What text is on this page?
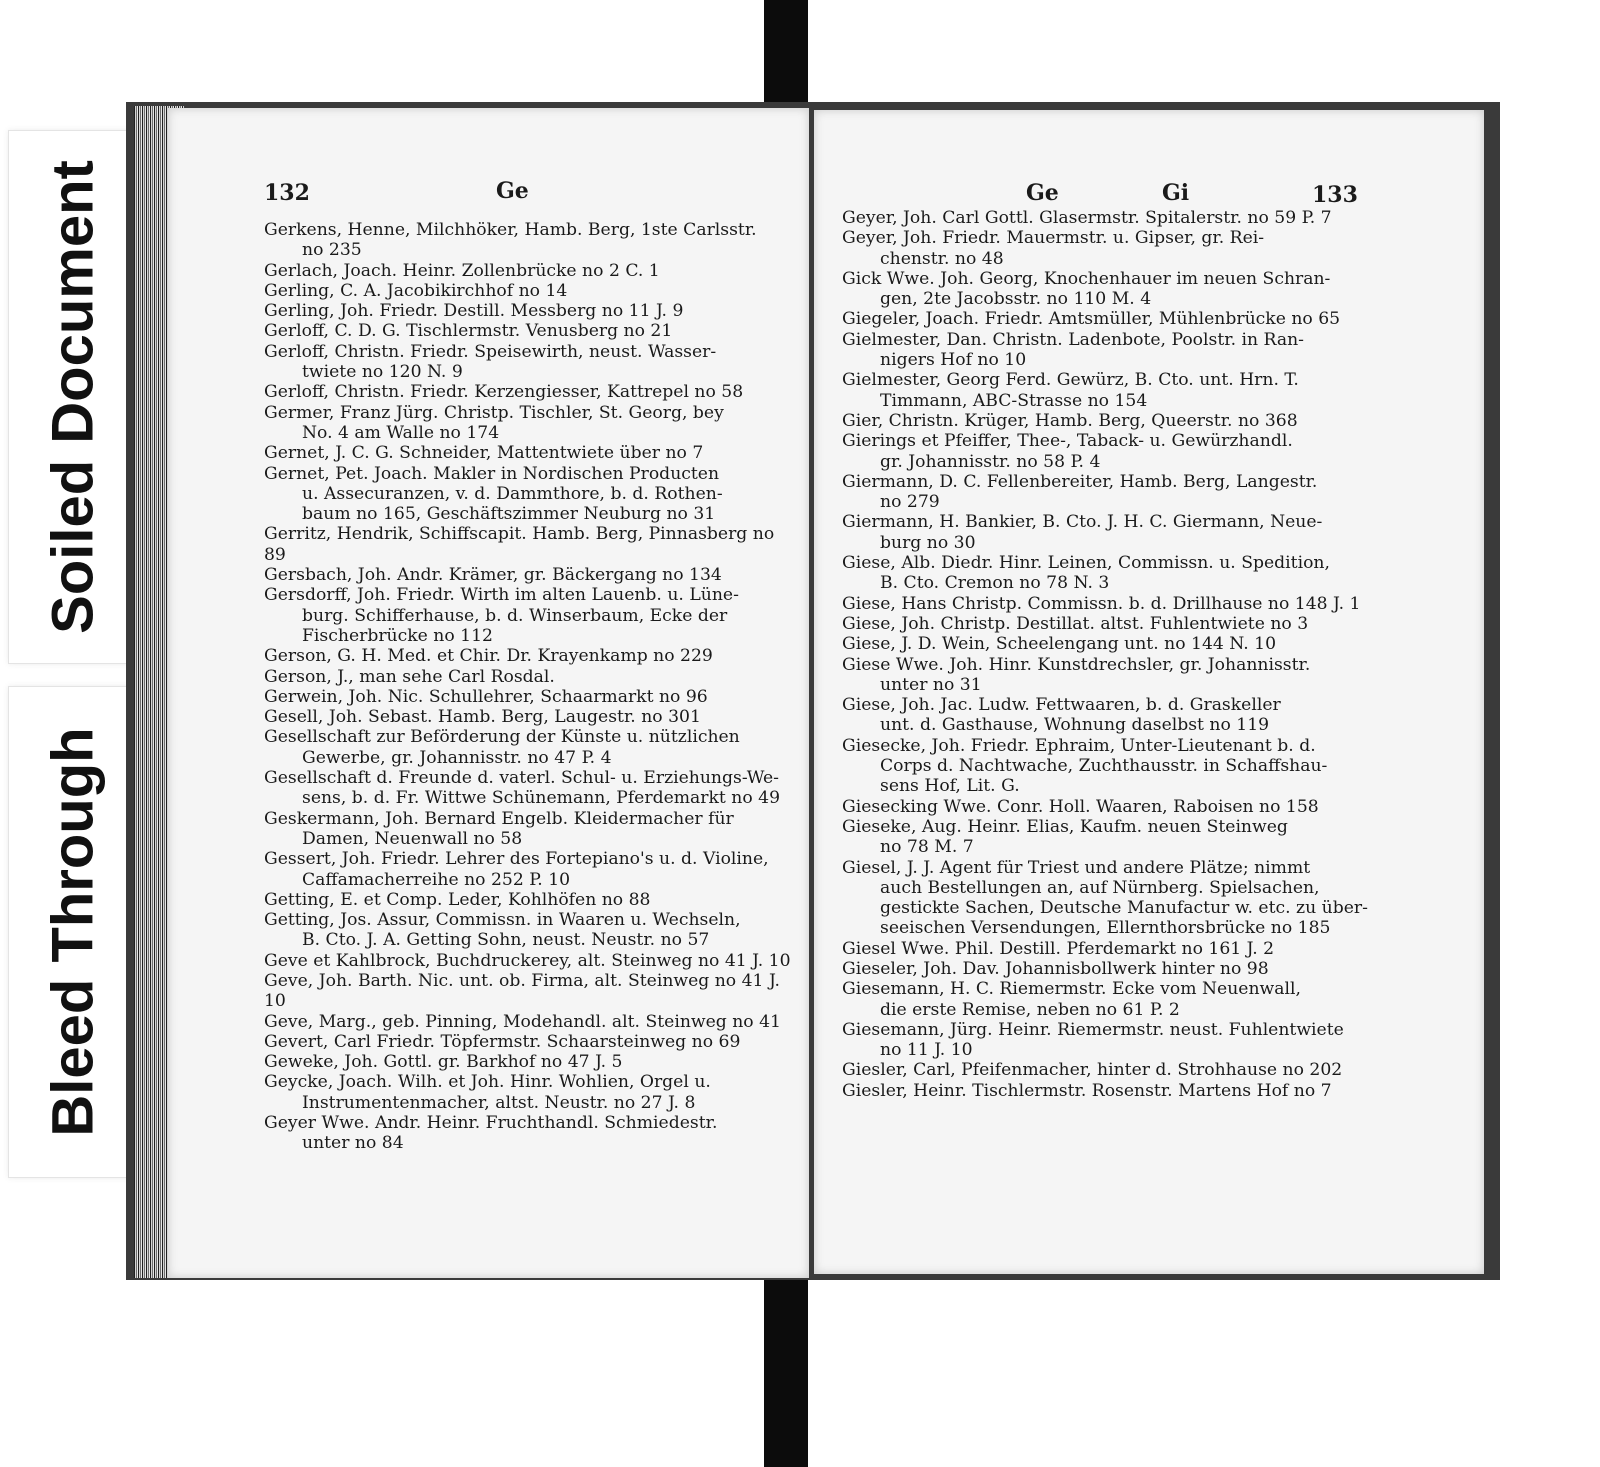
Soiled Document
Bleed Through
132	Ge
Gerkens, Henne, Milchhöker, Hamb. Berg, 1ste Carlsstr.
no 235
Gerlach, Joach. Heinr. Zollenbrücke no 2 C. 1
Gerling, C. A. Jacobikirchhof no 14
Gerling, Joh. Friedr. Destill. Messberg no 11 J. 9
Gerloff, C. D. G. Tischlermstr. Venusberg no 21
Gerloff, Christn. Friedr. Speisewirth, neust. Wasser-
twiete no 120 N. 9
Gerloff, Christn. Friedr. Kerzengiesser, Kattrepel no 58
Germer, Franz Jürg. Christp. Tischler, St. Georg, bey
No. 4 am Walle no 174
Gernet, J. C. G. Schneider, Mattentwiete über no 7
Gernet, Pet. Joach. Makler in Nordischen Producten
u. Assecuranzen, v. d. Dammthore, b. d. Rothen-
baum no 165, Geschäftszimmer Neuburg no 31
Gerritz, Hendrik, Schiffscapit. Hamb. Berg, Pinnasberg no 89
Gersbach, Joh. Andr. Krämer, gr. Bäckergang no 134
Gersdorff, Joh. Friedr. Wirth im alten Lauenb. u. Lüne-
burg. Schifferhause, b. d. Winserbaum, Ecke der
Fischerbrücke no 112
Gerson, G. H. Med. et Chir. Dr. Krayenkamp no 229
Gerson, J., man sehe Carl Rosdal.
Gerwein, Joh. Nic. Schullehrer, Schaarmarkt no 96
Gesell, Joh. Sebast. Hamb. Berg, Laugestr. no 301
Gesellschaft zur Beförderung der Künste u. nützlichen
Gewerbe, gr. Johannisstr. no 47 P. 4
Gesellschaft d. Freunde d. vaterl. Schul- u. Erziehungs-We-
sens, b. d. Fr. Wittwe Schünemann, Pferdemarkt no 49
Geskermann, Joh. Bernard Engelb. Kleidermacher für
Damen, Neuenwall no 58
Gessert, Joh. Friedr. Lehrer des Fortepiano's u. d. Violine,
Caffamacherreihe no 252 P. 10
Getting, E. et Comp. Leder, Kohlhöfen no 88
Getting, Jos. Assur, Commissn. in Waaren u. Wechseln,
B. Cto. J. A. Getting Sohn, neust. Neustr. no 57
Geve et Kahlbrock, Buchdruckerey, alt. Steinweg no 41 J. 10
Geve, Joh. Barth. Nic. unt. ob. Firma, alt. Steinweg no 41 J. 10
Geve, Marg., geb. Pinning, Modehandl. alt. Steinweg no 41
Gevert, Carl Friedr. Töpfermstr. Schaarsteinweg no 69
Geweke, Joh. Gottl. gr. Barkhof no 47 J. 5
Geycke, Joach. Wilh. et Joh. Hinr. Wohlien, Orgel u.
Instrumentenmacher, altst. Neustr. no 27 J. 8
Geyer Wwe. Andr. Heinr. Fruchthandl. Schmiedestr.
unter no 84
Ge	Gi	133
Geyer, Joh. Carl Gottl. Glasermstr. Spitalerstr. no 59 P. 7
Geyer, Joh. Friedr. Mauermstr. u. Gipser, gr. Rei-
chenstr. no 48
Gick Wwe. Joh. Georg, Knochenhauer im neuen Schran-
gen, 2te Jacobsstr. no 110 M. 4
Giegeler, Joach. Friedr. Amtsmüller, Mühlenbrücke no 65
Gielmester, Dan. Christn. Ladenbote, Poolstr. in Ran-
nigers Hof no 10
Gielmester, Georg Ferd. Gewürz, B. Cto. unt. Hrn. T.
Timmann, ABC-Strasse no 154
Gier, Christn. Krüger, Hamb. Berg, Queerstr. no 368
Gierings et Pfeiffer, Thee-, Taback- u. Gewürzhandl.
gr. Johannisstr. no 58 P. 4
Giermann, D. C. Fellenbereiter, Hamb. Berg, Langestr.
no 279
Giermann, H. Bankier, B. Cto. J. H. C. Giermann, Neue-
burg no 30
Giese, Alb. Diedr. Hinr. Leinen, Commissn. u. Spedition,
B. Cto. Cremon no 78 N. 3
Giese, Hans Christp. Commissn. b. d. Drillhause no 148 J. 1
Giese, Joh. Christp. Destillat. altst. Fuhlentwiete no 3
Giese, J. D. Wein, Scheelengang unt. no 144 N. 10
Giese Wwe. Joh. Hinr. Kunstdrechsler, gr. Johannisstr.
unter no 31
Giese, Joh. Jac. Ludw. Fettwaaren, b. d. Graskeller
unt. d. Gasthause, Wohnung daselbst no 119
Giesecke, Joh. Friedr. Ephraim, Unter-Lieutenant b. d.
Corps d. Nachtwache, Zuchthausstr. in Schaffshau-
sens Hof, Lit. G.
Giesecking Wwe. Conr. Holl. Waaren, Raboisen no 158
Gieseke, Aug. Heinr. Elias, Kaufm. neuen Steinweg
no 78 M. 7
Giesel, J. J. Agent für Triest und andere Plätze; nimmt
auch Bestellungen an, auf Nürnberg. Spielsachen,
gestickte Sachen, Deutsche Manufactur w. etc. zu über-
seeischen Versendungen, Ellernthorsbrücke no 185
Giesel Wwe. Phil. Destill. Pferdemarkt no 161 J. 2
Gieseler, Joh. Dav. Johannisbollwerk hinter no 98
Giesemann, H. C. Riemermstr. Ecke vom Neuenwall,
die erste Remise, neben no 61 P. 2
Giesemann, Jürg. Heinr. Riemermstr. neust. Fuhlentwiete
no 11 J. 10
Giesler, Carl, Pfeifenmacher, hinter d. Strohhause no 202
Giesler, Heinr. Tischlermstr. Rosenstr. Martens Hof no 7
